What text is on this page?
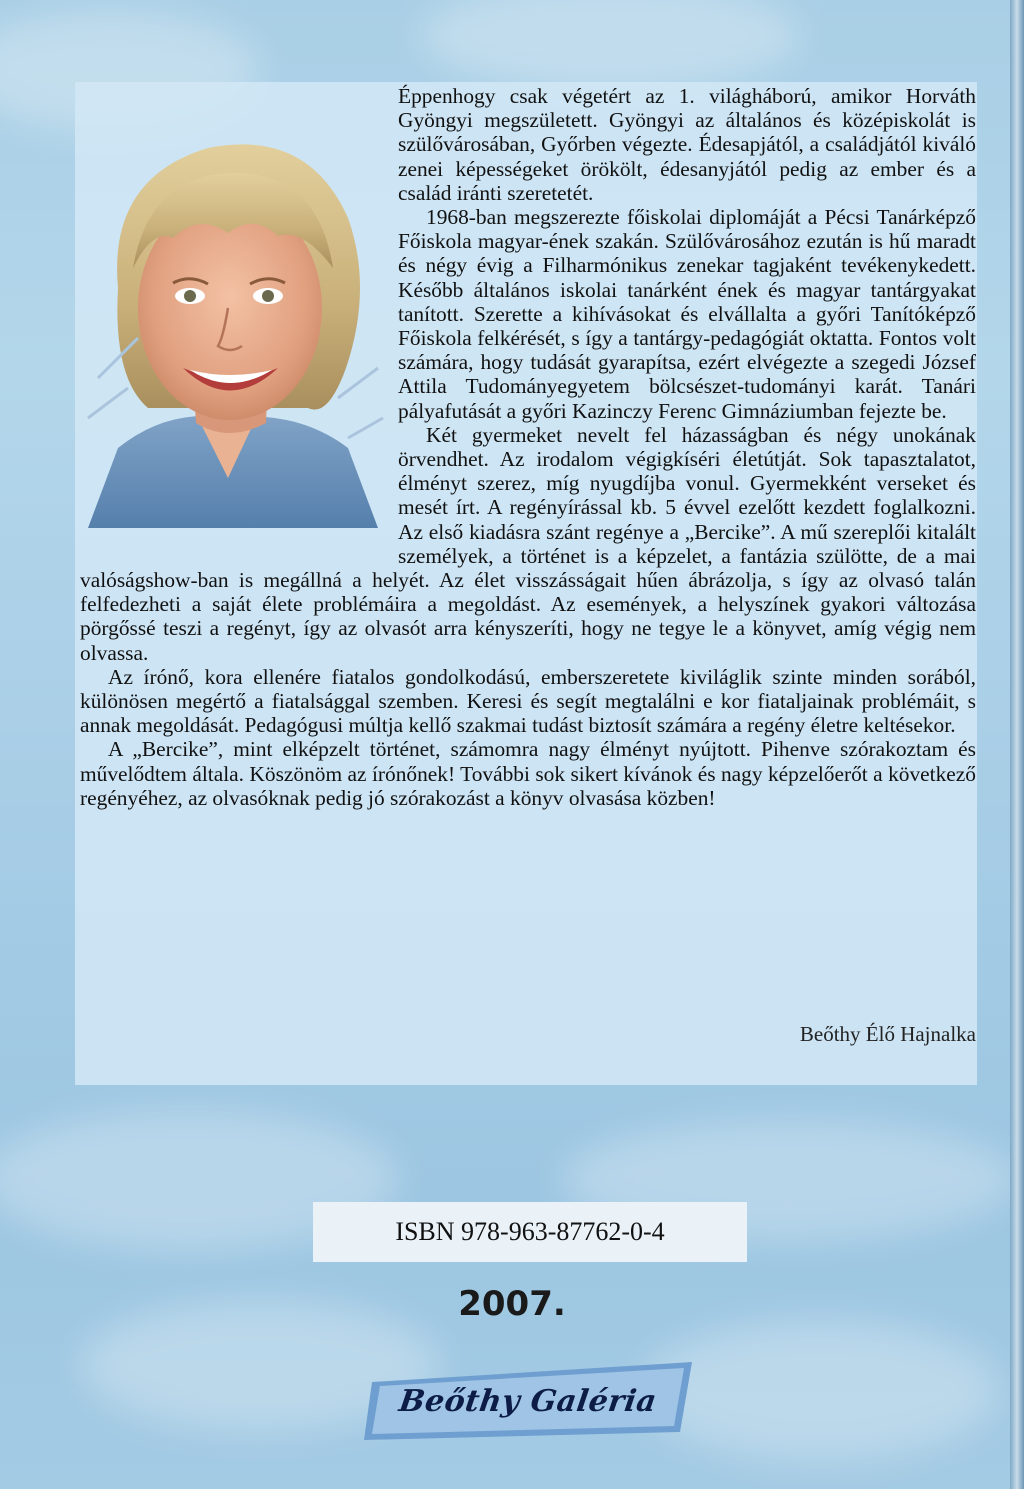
Éppenhogy csak végetért az 1. világháború, amikor Horváth Gyöngyi megszületett. Gyöngyi az általános és középiskolát is szülővárosában, Győrben végezte. Édesapjától, a családjától kiváló zenei képességeket örökölt, édesanyjától pedig az ember és a család iránti szeretetét.

1968-ban megszerezte főiskolai diplomáját a Pécsi Tanárképző Főiskola magyar-ének szakán. Szülővárosához ezután is hű maradt és négy évig a Filharmónikus zenekar tagjaként tevékenykedett. Később általános iskolai tanárként ének és magyar tantárgyakat tanított. Szerette a kihívásokat és elvállalta a győri Tanítóképző Főiskola felkérését, s így a tantárgy-pedagógiát oktatta. Fontos volt számára, hogy tudását gyarapítsa, ezért elvégezte a szegedi József Attila Tudományegyetem bölcsészet-tudományi karát. Tanári pályafutását a győri Kazinczy Ferenc Gimnáziumban fejezte be.

Két gyermeket nevelt fel házasságban és négy unokának örvendhet. Az irodalom végigkíséri életútját. Sok tapasztalatot, élményt szerez, míg nyugdíjba vonul. Gyermekként verseket és mesét írt. A regényírással kb. 5 évvel ezelőtt kezdett foglalkozni. Az első kiadásra szánt regénye a „Bercike”. A mű szereplői kitalált személyek, a történet is a képzelet, a fantázia szülötte, de a mai valóságshow-ban is megállná a helyét. Az élet visszásságait hűen ábrázolja, s így az olvasó talán felfedezheti a saját élete problémáira a megoldást. Az események, a helyszínek gyakori változása pörgőssé teszi a regényt, így az olvasót arra kényszeríti, hogy ne tegye le a könyvet, amíg végig nem olvassa.

Az írónő, kora ellenére fiatalos gondolkodású, emberszeretete kiviláglik szinte minden sorából, különösen megértő a fiatalsággal szemben. Keresi és segít megtalálni e kor fiataljainak problémáit, s annak megoldását. Pedagógusi múltja kellő szakmai tudást biztosít számára a regény életre keltésekor.

A „Bercike”, mint elképzelt történet, számomra nagy élményt nyújtott. Pihenve szórakoztam és művelődtem általa. Köszönöm az írónőnek! További sok sikert kívánok és nagy képzelőerőt a következő regényéhez, az olvasóknak pedig jó szórakozást a könyv olvasása közben!

Beőthy Élő Hajnalka
ISBN 978-963-87762-0-4
2007.
Beőthy Galéria
